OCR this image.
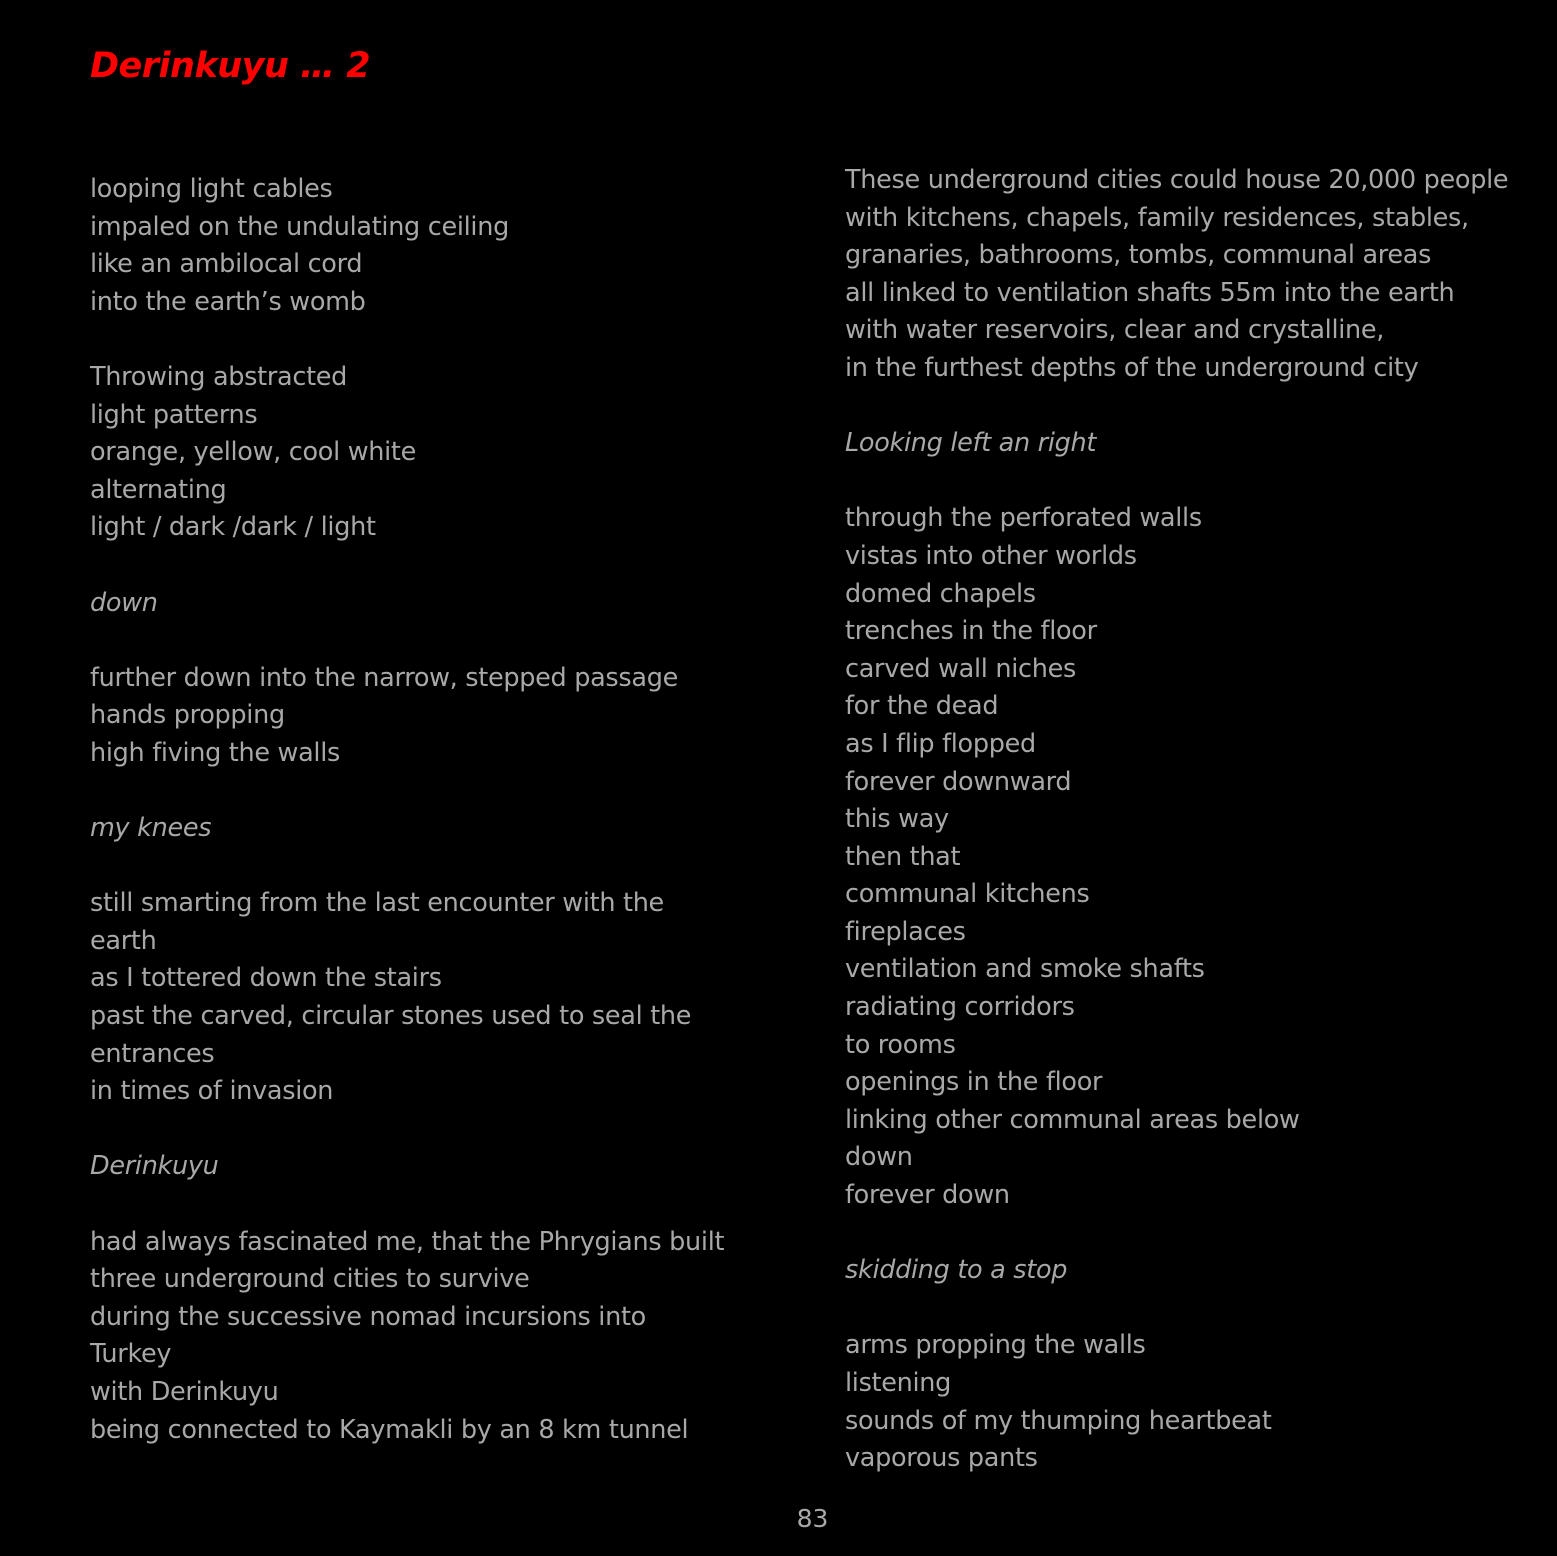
Derinkuyu … 2
looping light cables
impaled on the undulating ceiling
like an ambilocal cord
into the earth’s womb
Throwing abstracted
light patterns
orange, yellow, cool white
alternating
light / dark /dark / light
down
further down into the narrow, stepped passage
hands propping
high fiving the walls
my knees
still smarting from the last encounter with the
earth
as I tottered down the stairs
past the carved, circular stones used to seal the
entrances
in times of invasion
Derinkuyu
had always fascinated me, that the Phrygians built
three underground cities to survive
during the successive nomad incursions into
Turkey
with Derinkuyu
being connected to Kaymakli by an 8 km tunnel
These underground cities could house 20,000 people
with kitchens, chapels, family residences, stables,
granaries, bathrooms, tombs, communal areas
all linked to ventilation shafts 55m into the earth
with water reservoirs, clear and crystalline,
in the furthest depths of the underground city
Looking left an right
through the perforated walls
vistas into other worlds
domed chapels
trenches in the floor
carved wall niches
for the dead
as I flip flopped
forever downward
this way
then that
communal kitchens
fireplaces
ventilation and smoke shafts
radiating corridors
to rooms
openings in the floor
linking other communal areas below
down
forever down
skidding to a stop
arms propping the walls
listening
sounds of my thumping heartbeat
vaporous pants
83
